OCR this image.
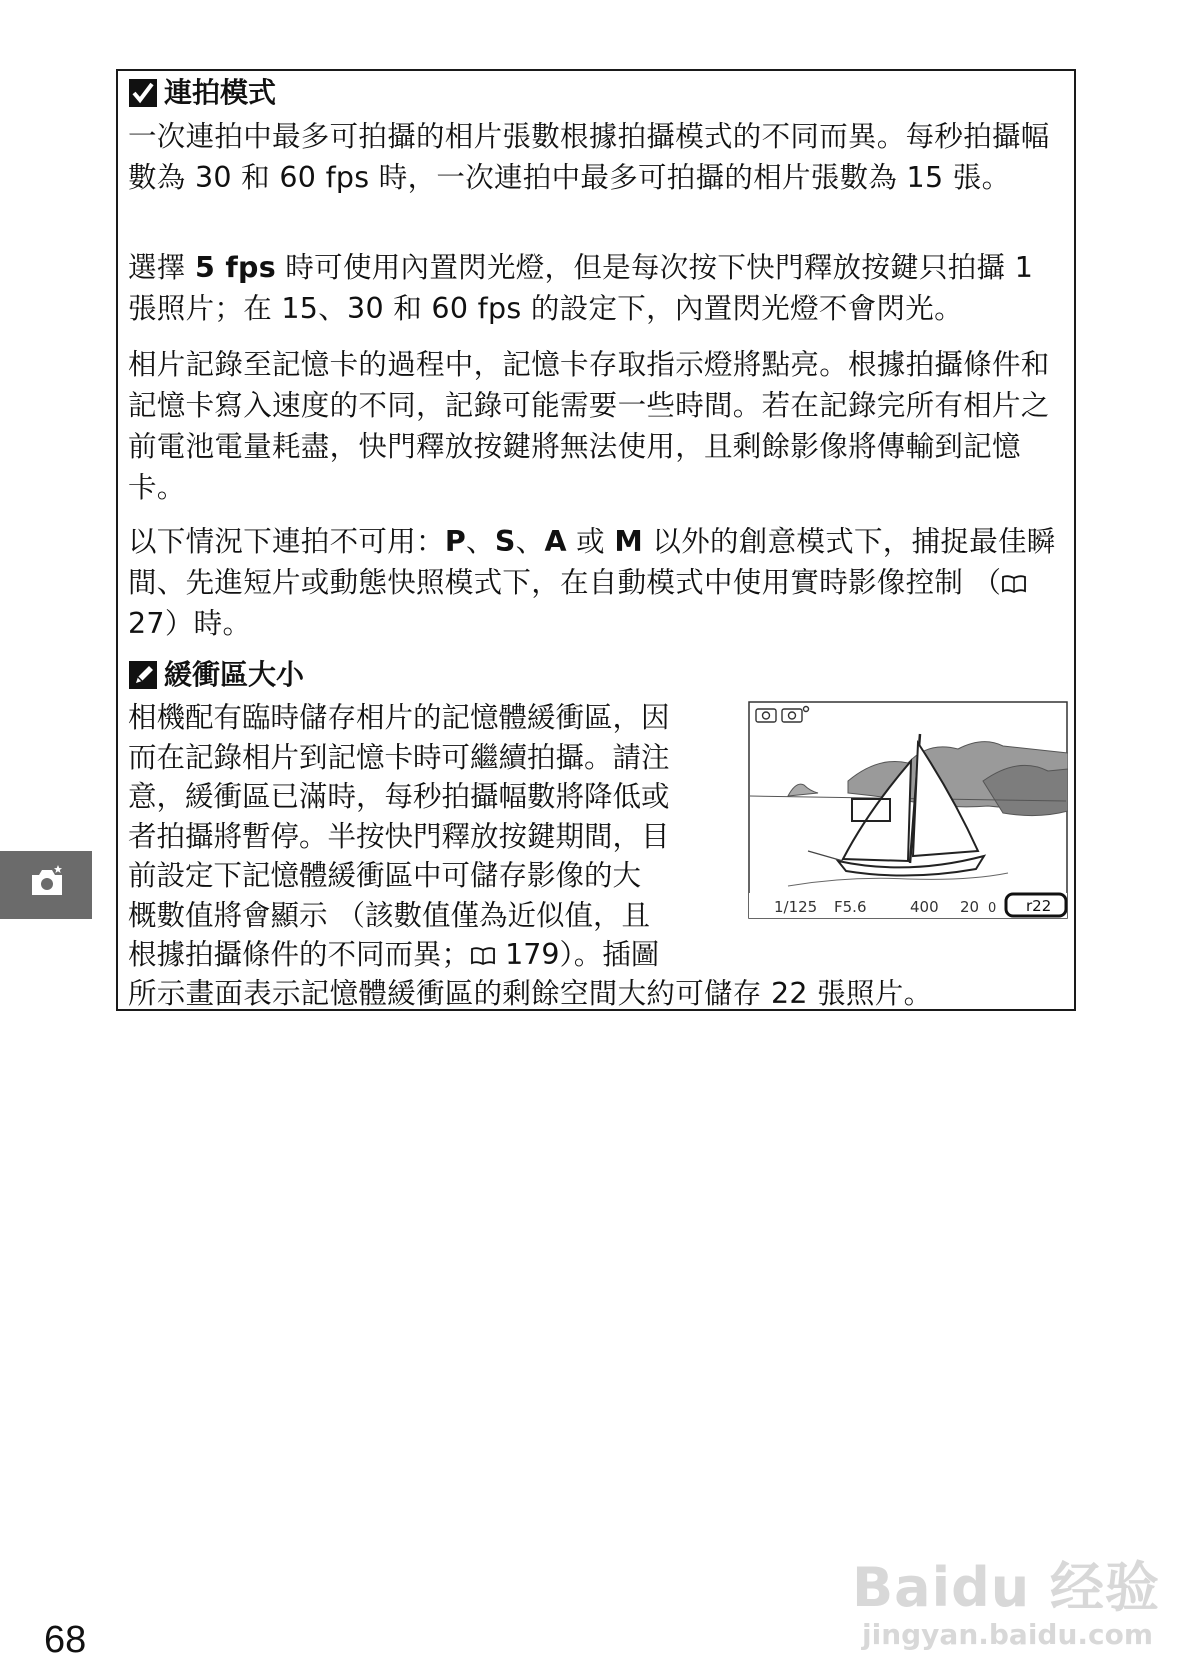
連拍模式

一次連拍中最多可拍攝的相片張數根據拍攝模式的不同而異。每秒拍攝幅數為 30 和 60 fps 時，一次連拍中最多可拍攝的相片張數為 15 張。

選擇 5 fps 時可使用內置閃光燈，但是每次按下快門釋放按鍵只拍攝 1 張照片；在 15、30 和 60 fps 的設定下，內置閃光燈不會閃光。

相片記錄至記憶卡的過程中，記憶卡存取指示燈將點亮。根據拍攝條件和記憶卡寫入速度的不同，記錄可能需要一些時間。若在記錄完所有相片之前電池電量耗盡，快門釋放按鍵將無法使用，且剩餘影像將傳輸到記憶卡。

以下情況下連拍不可用：P、S、A 或 M 以外的創意模式下，捕捉最佳瞬間、先進短片或動態快照模式下，在自動模式中使用實時影像控制 （ 27）時。

緩衝區大小
相機配有臨時儲存相片的記憶體緩衝區，因
而在記錄相片到記憶卡時可繼續拍攝。請注
意，緩衝區已滿時，每秒拍攝幅數將降低或
者拍攝將暫停。半按快門釋放按鍵期間，目
前設定下記憶體緩衝區中可儲存影像的大
概數值將會顯示 （該數值僅為近似值，且
根據拍攝條件的不同而異； 179）。插圖

所示畫面表示記憶體緩衝區的剩餘空間大約可儲存 22 張照片。

1/125 F5.6	400 20 0 r22
68
Baidu 经验
jingyan.baidu.com
